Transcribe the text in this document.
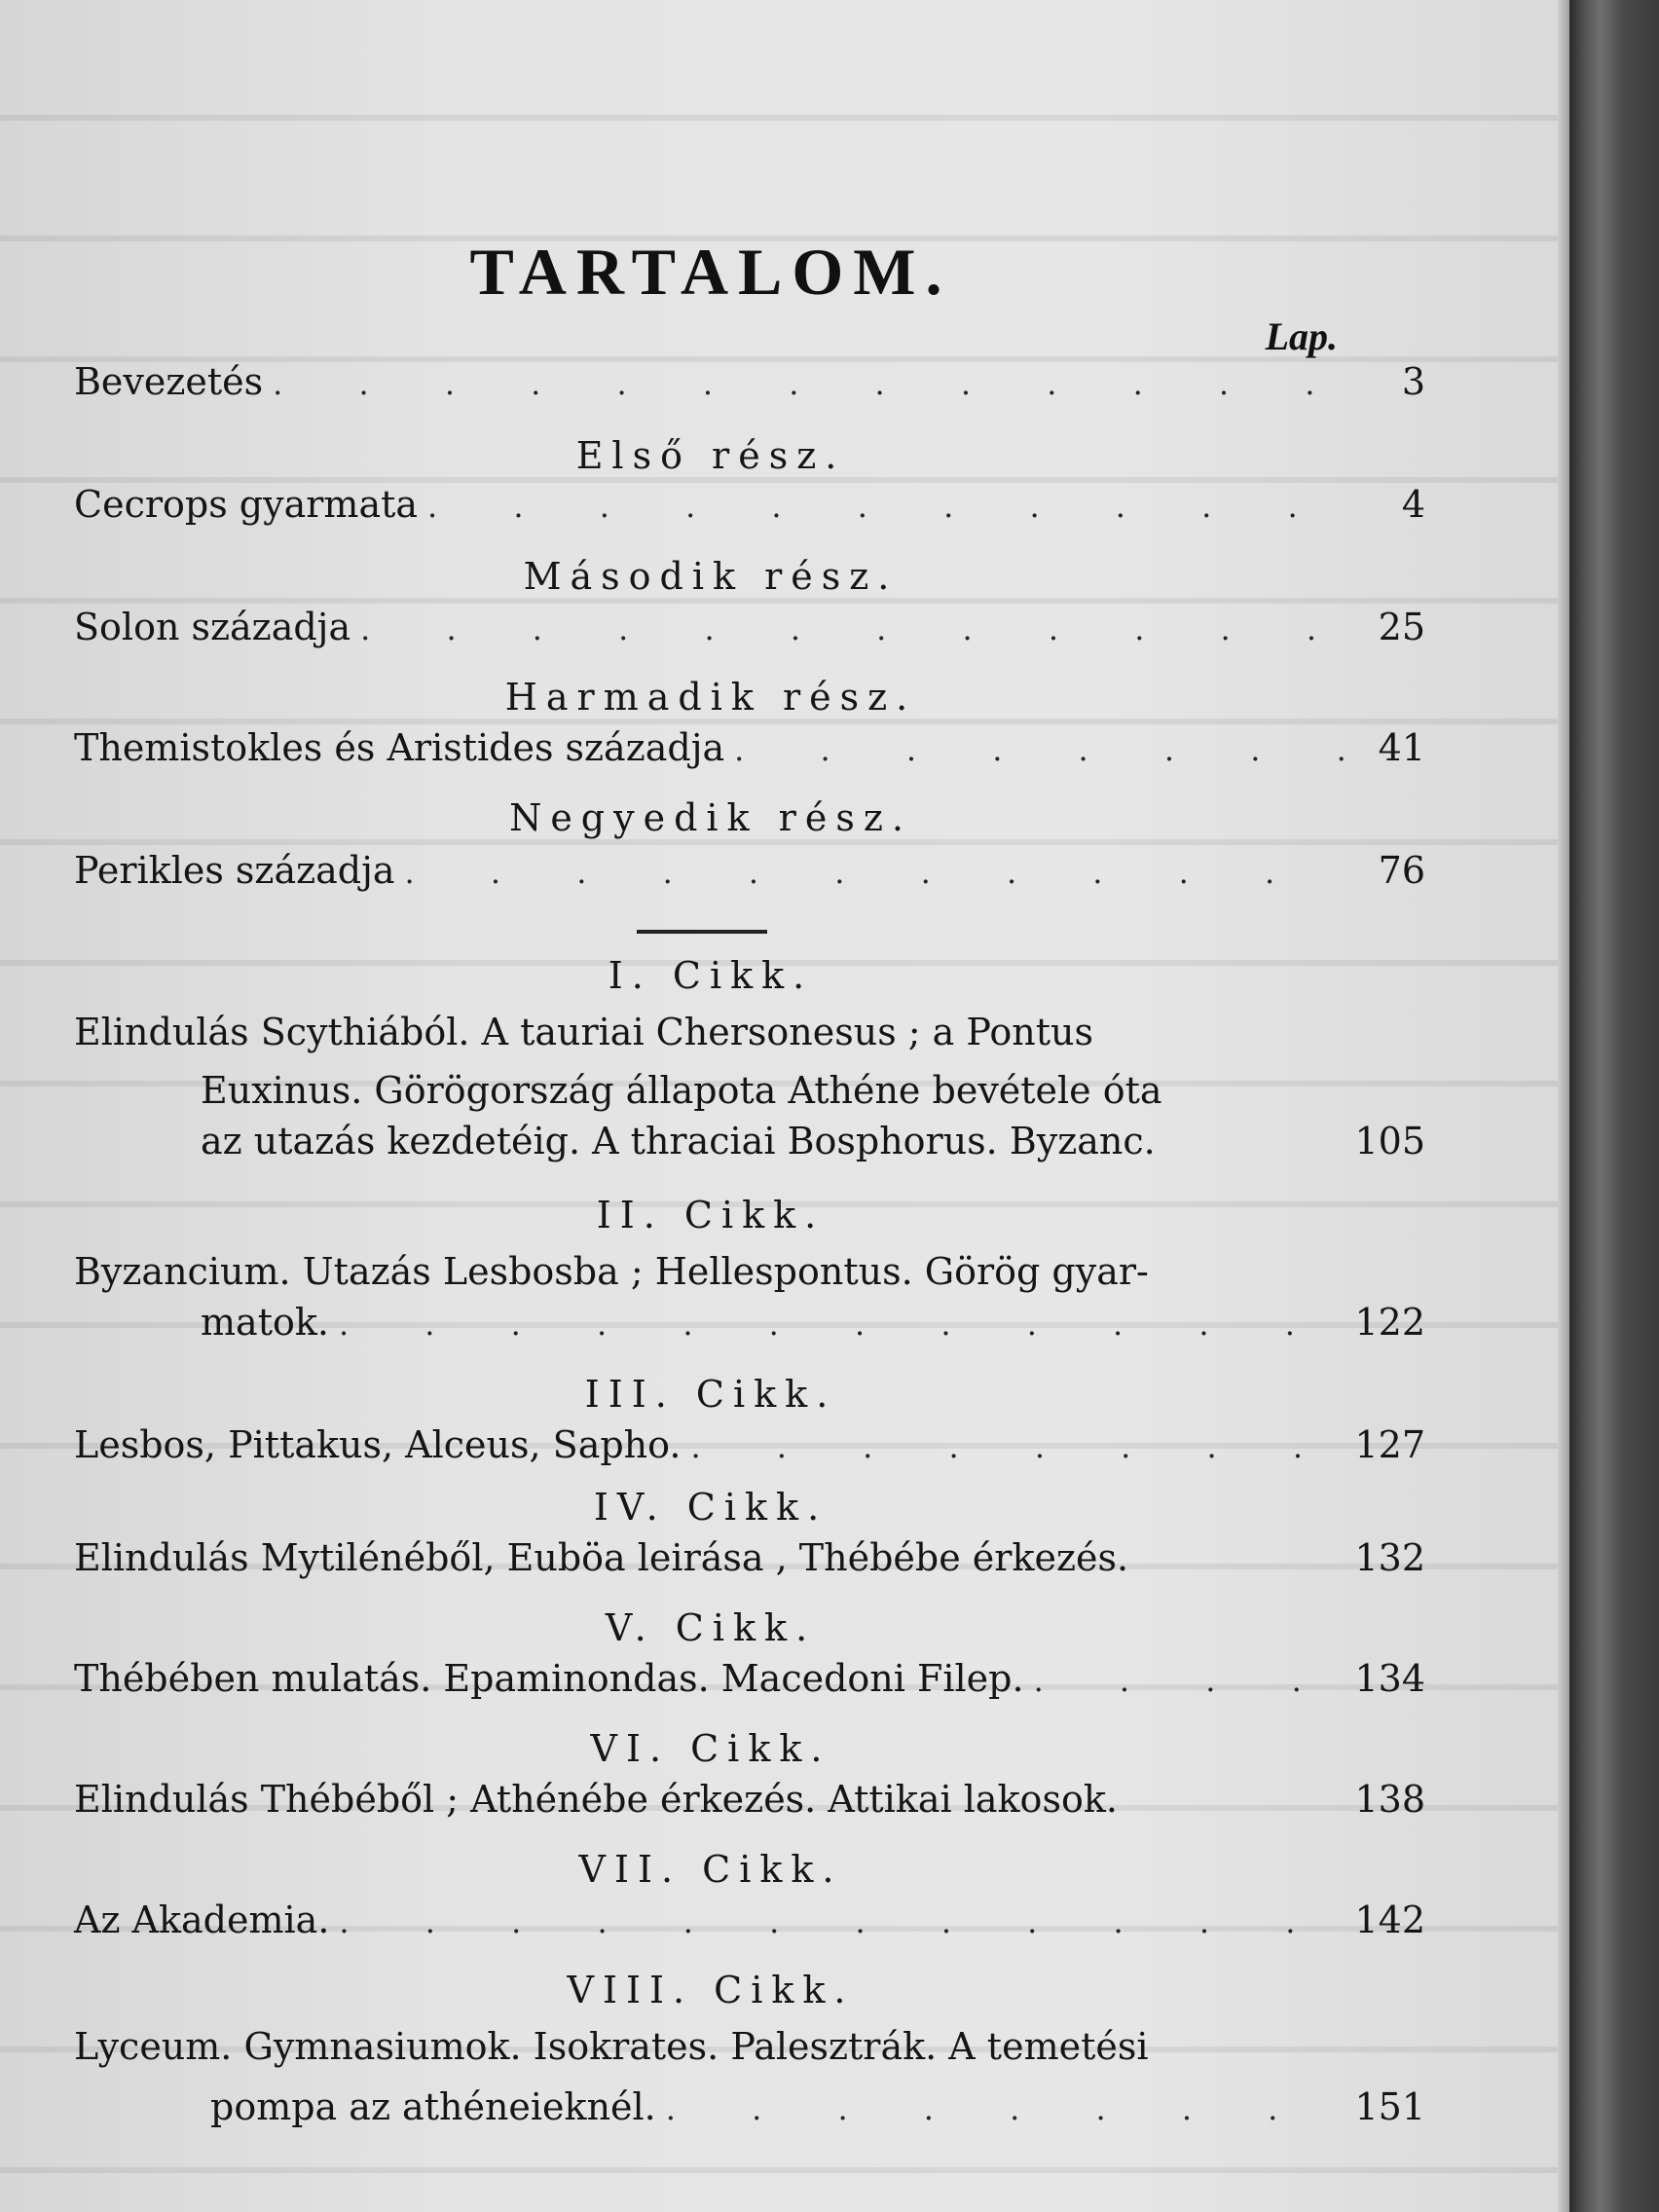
TARTALOM.
Lap.
Bevezetés . . .	3
Első rész.
Cecrops gyarmata . . .	4
Második rész.
Solon századja . . .	25
Harmadik rész.
Themistokles és Aristides századja . . .	41
Negyedik rész.
Perikles századja . . .	76
I. Cikk.
Elindulás Scythiából. A tauriai Chersonesus ; a Pontus
Euxinus. Görögország állapota Athéne bevétele óta
az utazás kezdetéig. A thraciai Bosphorus. Byzanc.	105
II. Cikk.
Byzancium. Utazás Lesbosba ; Hellespontus. Görög gyar-
matok. . . .	122
III. Cikk.
Lesbos, Pittakus, Alceus, Sapho. . . .	127
IV. Cikk.
Elindulás Mytilénéből, Euböa leirása , Thébébe érkezés.	132
V. Cikk.
Thébében mulatás. Epaminondas. Macedoni Filep. . . .	134
VI. Cikk.
Elindulás Thébéből ; Athénébe érkezés. Attikai lakosok.	138
VII. Cikk.
Az Akademia. . . .	142
VIII. Cikk.
Lyceum. Gymnasiumok. Isokrates. Palesztrák. A temetési
pompa az athéneieknél. . . .	151
